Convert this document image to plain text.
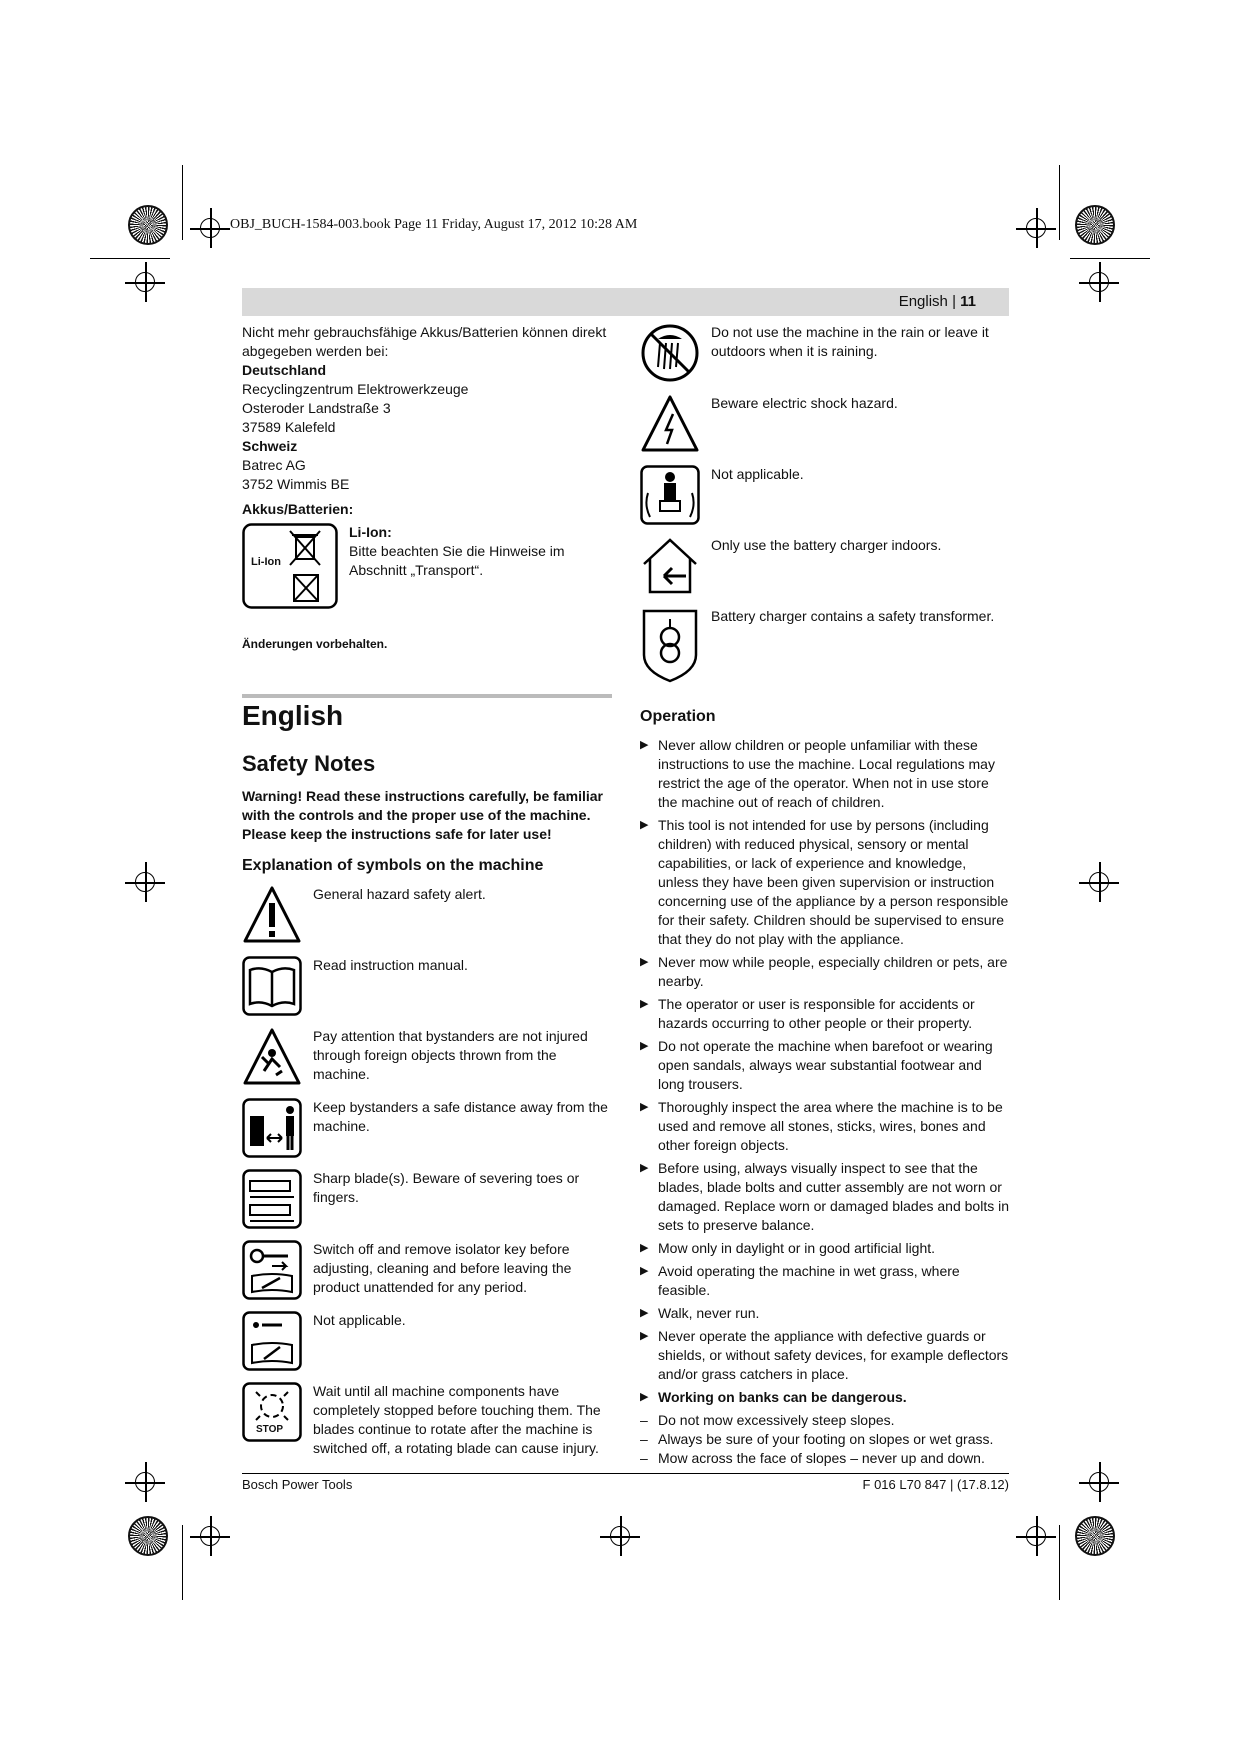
OBJ_BUCH-1584-003.book Page 11 Friday, August 17, 2012 10:28 AM
English | 11
Nicht mehr gebrauchsfähige Akkus/Batterien können direkt abgegeben werden bei:
Deutschland
Recyclingzentrum Elektrowerkzeuge
Osteroder Landstraße 3
37589 Kalefeld
Schweiz
Batrec AG
3752 Wimmis BE
Akkus/Batterien:
Li-Ion
Li-Ion:
Bitte beachten Sie die Hinweise im Abschnitt „Transport“.
Änderungen vorbehalten.
English
Safety Notes
Warning! Read these instructions carefully, be familiar with the controls and the proper use of the machine. Please keep the instructions safe for later use!
Explanation of symbols on the machine
General hazard safety alert.
Read instruction manual.
Pay attention that bystanders are not injured through foreign objects thrown from the machine.
Keep bystanders a safe distance away from the machine.
Sharp blade(s). Beware of severing toes or fingers.
Switch off and remove isolator key before adjusting, cleaning and before leaving the product unattended for any period.
Not applicable.
STOP
Wait until all machine components have completely stopped before touching them. The blades continue to rotate after the machine is switched off, a rotating blade can cause injury.
Do not use the machine in the rain or leave it outdoors when it is raining.
Beware electric shock hazard.
Not applicable.
Only use the battery charger indoors.
Battery charger contains a safety transformer.
Operation
▶ Never allow children or people unfamiliar with these instructions to use the machine. Local regulations may restrict the age of the operator. When not in use store the machine out of reach of children.
▶ This tool is not intended for use by persons (including children) with reduced physical, sensory or mental capabilities, or lack of experience and knowledge, unless they have been given supervision or instruction concerning use of the appliance by a person responsible for their safety. Children should be supervised to ensure that they do not play with the appliance.
▶ Never mow while people, especially children or pets, are nearby.
▶ The operator or user is responsible for accidents or hazards occurring to other people or their property.
▶ Do not operate the machine when barefoot or wearing open sandals, always wear substantial footwear and long trousers.
▶ Thoroughly inspect the area where the machine is to be used and remove all stones, sticks, wires, bones and other foreign objects.
▶ Before using, always visually inspect to see that the blades, blade bolts and cutter assembly are not worn or damaged. Replace worn or damaged blades and bolts in sets to preserve balance.
▶ Mow only in daylight or in good artificial light.
▶ Avoid operating the machine in wet grass, where feasible.
▶ Walk, never run.
▶ Never operate the appliance with defective guards or shields, or without safety devices, for example deflectors and/or grass catchers in place.
▶ Working on banks can be dangerous.
– Do not mow excessively steep slopes.
– Always be sure of your footing on slopes or wet grass.
– Mow across the face of slopes – never up and down.
Bosch Power Tools	F 016 L70 847 | (17.8.12)
